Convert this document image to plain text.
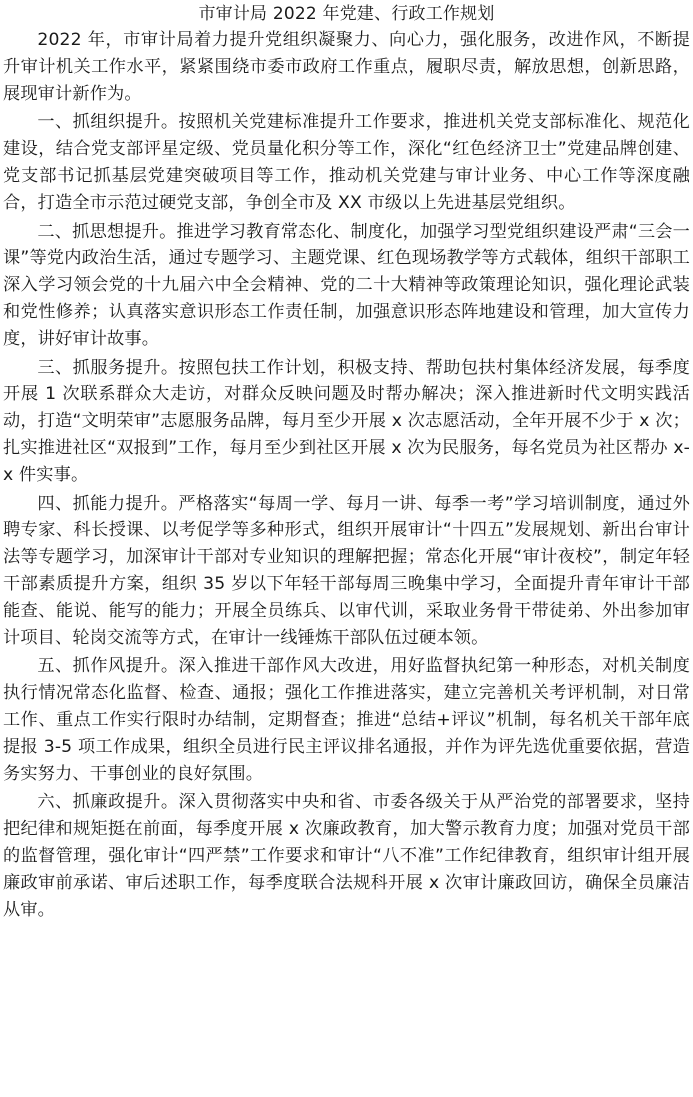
市审计局 2022 年党建、行政工作规划

2022 年，市审计局着力提升党组织凝聚力、向心力，强化服务，改进作风，不断提升审计机关工作水平，紧紧围绕市委市政府工作重点，履职尽责，解放思想，创新思路，展现审计新作为。

一、抓组织提升。按照机关党建标准提升工作要求，推进机关党支部标准化、规范化建设，结合党支部评星定级、党员量化积分等工作，深化“红色经济卫士”党建品牌创建、党支部书记抓基层党建突破项目等工作，推动机关党建与审计业务、中心工作等深度融合，打造全市示范过硬党支部，争创全市及 XX 市级以上先进基层党组织。

二、抓思想提升。推进学习教育常态化、制度化，加强学习型党组织建设严肃“三会一课”等党内政治生活，通过专题学习、主题党课、红色现场教学等方式载体，组织干部职工深入学习领会党的十九届六中全会精神、党的二十大精神等政策理论知识，强化理论武装和党性修养；认真落实意识形态工作责任制，加强意识形态阵地建设和管理，加大宣传力度，讲好审计故事。

三、抓服务提升。按照包扶工作计划，积极支持、帮助包扶村集体经济发展，每季度开展 1 次联系群众大走访，对群众反映问题及时帮办解决；深入推进新时代文明实践活动，打造“文明荣审”志愿服务品牌，每月至少开展 x 次志愿活动，全年开展不少于 x 次；扎实推进社区“双报到”工作，每月至少到社区开展 x 次为民服务，每名党员为社区帮办 x-x 件实事。

四、抓能力提升。严格落实“每周一学、每月一讲、每季一考”学习培训制度，通过外聘专家、科长授课、以考促学等多种形式，组织开展审计“十四五”发展规划、新出台审计法等专题学习，加深审计干部对专业知识的理解把握；常态化开展“审计夜校”，制定年轻干部素质提升方案，组织 35 岁以下年轻干部每周三晚集中学习，全面提升青年审计干部能查、能说、能写的能力；开展全员练兵、以审代训，采取业务骨干带徒弟、外出参加审计项目、轮岗交流等方式，在审计一线锤炼干部队伍过硬本领。

五、抓作风提升。深入推进干部作风大改进，用好监督执纪第一种形态，对机关制度执行情况常态化监督、检查、通报；强化工作推进落实，建立完善机关考评机制，对日常工作、重点工作实行限时办结制，定期督查；推进“总结+评议”机制，每名机关干部年底提报 3-5 项工作成果，组织全员进行民主评议排名通报，并作为评先选优重要依据，营造务实努力、干事创业的良好氛围。

六、抓廉政提升。深入贯彻落实中央和省、市委各级关于从严治党的部署要求，坚持把纪律和规矩挺在前面，每季度开展 x 次廉政教育，加大警示教育力度；加强对党员干部的监督管理，强化审计“四严禁”工作要求和审计“八不准”工作纪律教育，组织审计组开展廉政审前承诺、审后述职工作，每季度联合法规科开展 x 次审计廉政回访，确保全员廉洁从审。
